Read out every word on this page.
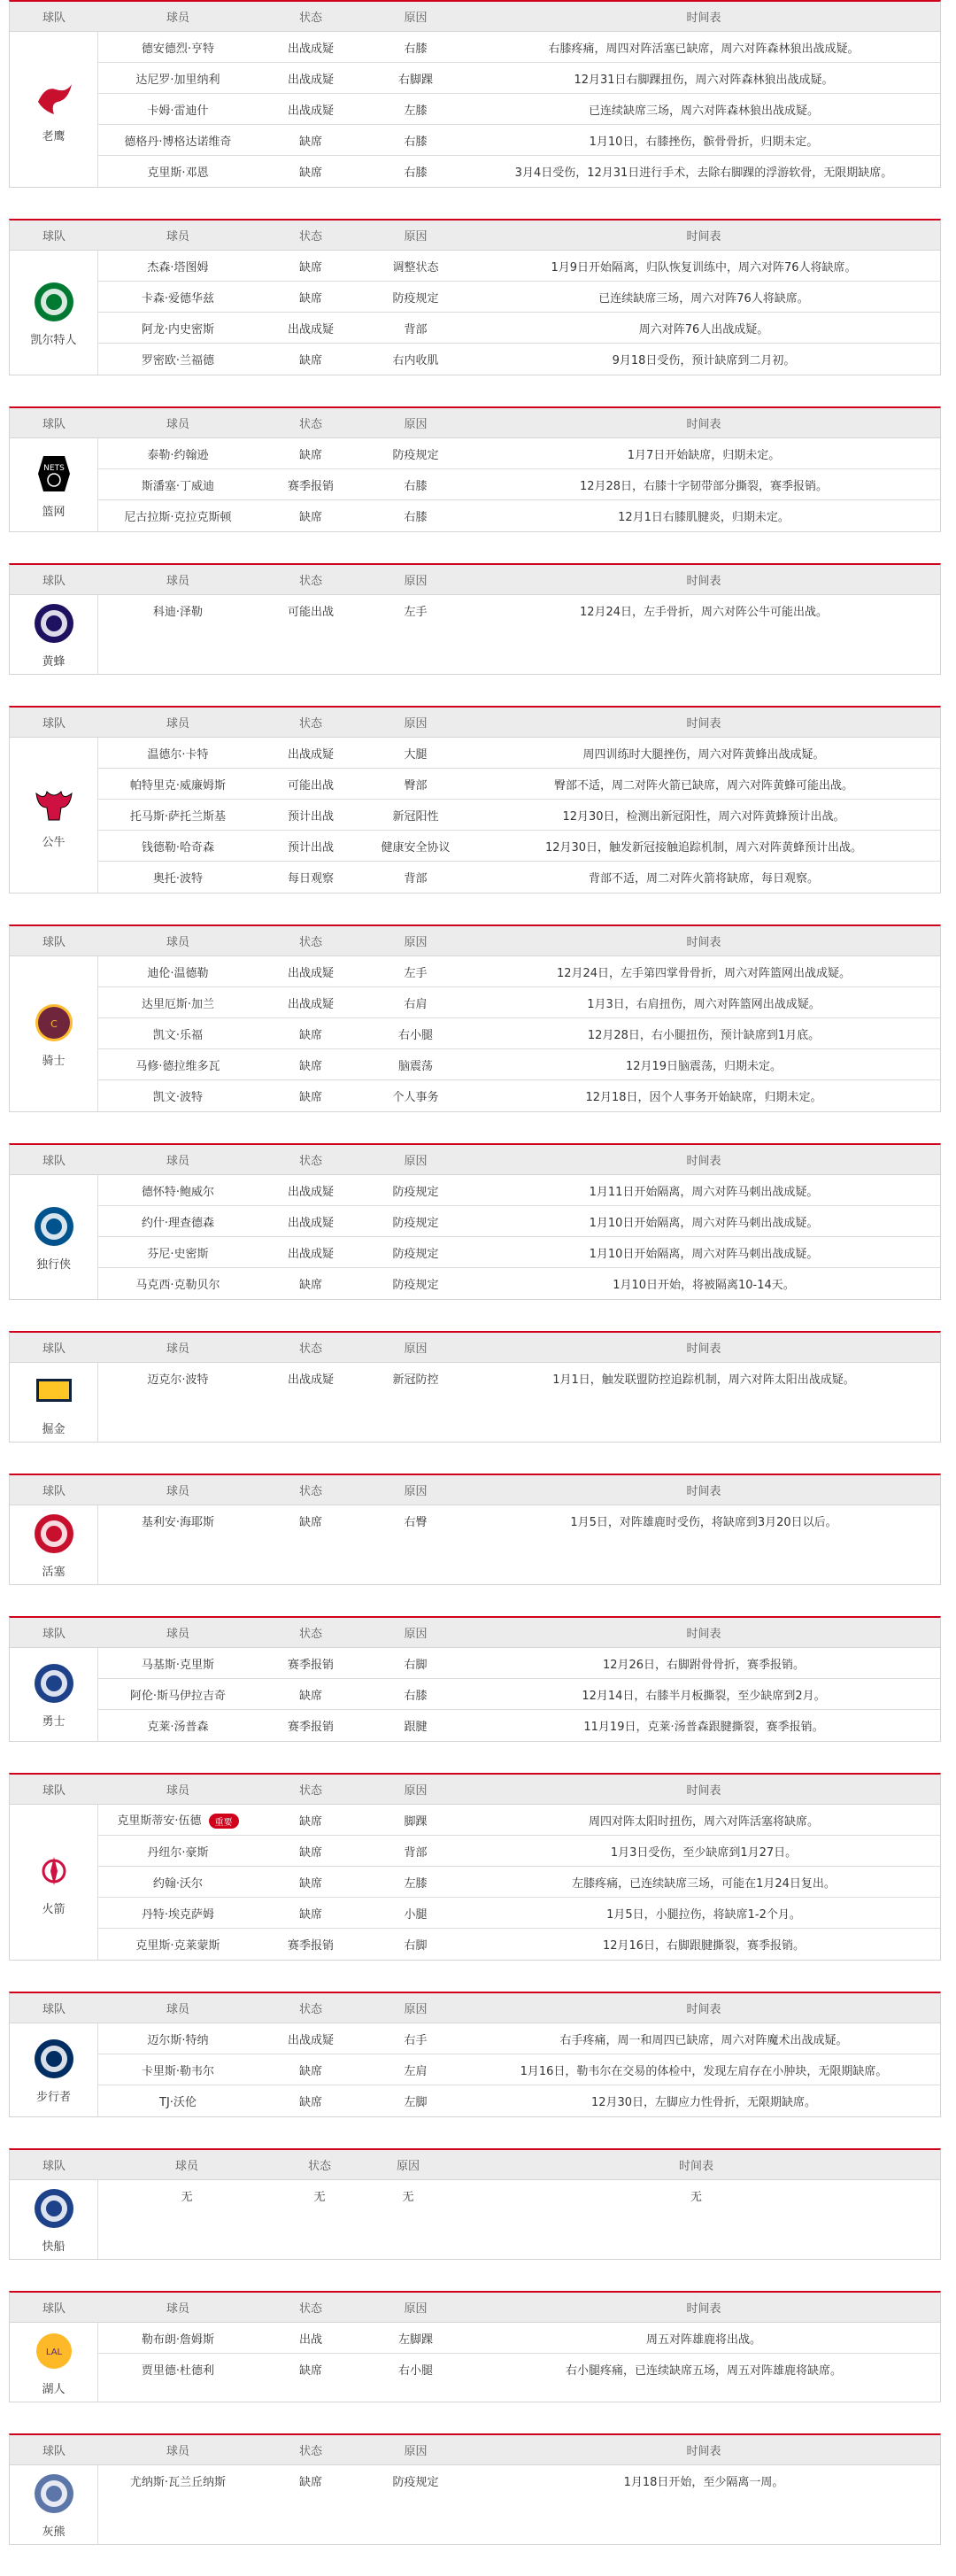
球队	球员	状态	原因	时间表
老鹰
德安德烈·亨特	出战成疑	右膝	右膝疼痛，周四对阵活塞已缺席，周六对阵森林狼出战成疑。
达尼罗·加里纳利	出战成疑	右脚踝	12月31日右脚踝扭伤，周六对阵森林狼出战成疑。
卡姆·雷迪什	出战成疑	左膝	已连续缺席三场，周六对阵森林狼出战成疑。
德格丹·博格达诺维奇	缺席	右膝	1月10日，右膝挫伤，髌骨骨折，归期未定。
克里斯·邓恩	缺席	右膝	3月4日受伤，12月31日进行手术，去除右脚踝的浮游软骨，无限期缺席。
球队	球员	状态	原因	时间表
凯尔特人
杰森·塔图姆	缺席	调整状态	1月9日开始隔离，归队恢复训练中，周六对阵76人将缺席。
卡森·爱德华兹	缺席	防疫规定	已连续缺席三场，周六对阵76人将缺席。
阿龙·内史密斯	出战成疑	背部	周六对阵76人出战成疑。
罗密欧·兰福德	缺席	右内收肌	9月18日受伤，预计缺席到二月初。
球队	球员	状态	原因	时间表
NETS
篮网
泰勒·约翰逊	缺席	防疫规定	1月7日开始缺席，归期未定。
斯潘塞·丁威迪	赛季报销	右膝	12月28日，右膝十字韧带部分撕裂，赛季报销。
尼古拉斯·克拉克斯顿	缺席	右膝	12月1日右膝肌腱炎，归期未定。
球队	球员	状态	原因	时间表
黄蜂
科迪·泽勒	可能出战	左手	12月24日，左手骨折，周六对阵公牛可能出战。
球队	球员	状态	原因	时间表
公牛
温德尔·卡特	出战成疑	大腿	周四训练时大腿挫伤，周六对阵黄蜂出战成疑。
帕特里克·威廉姆斯	可能出战	臀部	臀部不适，周二对阵火箭已缺席，周六对阵黄蜂可能出战。
托马斯·萨托兰斯基	预计出战	新冠阳性	12月30日，检测出新冠阳性，周六对阵黄蜂预计出战。
钱德勒·哈奇森	预计出战	健康安全协议	12月30日，触发新冠接触追踪机制，周六对阵黄蜂预计出战。
奥托·波特	每日观察	背部	背部不适，周二对阵火箭将缺席，每日观察。
球队	球员	状态	原因	时间表
C
骑士
迪伦·温德勒	出战成疑	左手	12月24日，左手第四掌骨骨折，周六对阵篮网出战成疑。
达里厄斯·加兰	出战成疑	右肩	1月3日，右肩扭伤，周六对阵篮网出战成疑。
凯文·乐福	缺席	右小腿	12月28日，右小腿扭伤，预计缺席到1月底。
马修·德拉维多瓦	缺席	脑震荡	12月19日脑震荡，归期未定。
凯文·波特	缺席	个人事务	12月18日，因个人事务开始缺席，归期未定。
球队	球员	状态	原因	时间表
独行侠
德怀特·鲍威尔	出战成疑	防疫规定	1月11日开始隔离，周六对阵马刺出战成疑。
约什·理查德森	出战成疑	防疫规定	1月10日开始隔离，周六对阵马刺出战成疑。
芬尼·史密斯	出战成疑	防疫规定	1月10日开始隔离，周六对阵马刺出战成疑。
马克西·克勒贝尔	缺席	防疫规定	1月10日开始，将被隔离10-14天。
球队	球员	状态	原因	时间表
掘金
迈克尔·波特	出战成疑	新冠防控	1月1日，触发联盟防控追踪机制，周六对阵太阳出战成疑。
球队	球员	状态	原因	时间表
活塞
基利安·海耶斯	缺席	右臀	1月5日，对阵雄鹿时受伤，将缺席到3月20日以后。
球队	球员	状态	原因	时间表
勇士
马基斯·克里斯	赛季报销	右脚	12月26日，右脚跗骨骨折，赛季报销。
阿伦·斯马伊拉吉奇	缺席	右膝	12月14日，右膝半月板撕裂，至少缺席到2月。
克莱·汤普森	赛季报销	跟腱	11月19日，克莱·汤普森跟腱撕裂，赛季报销。
球队	球员	状态	原因	时间表
火箭
克里斯蒂安·伍德 重要	缺席	脚踝	周四对阵太阳时扭伤，周六对阵活塞将缺席。
丹纽尔·豪斯	缺席	背部	1月3日受伤，至少缺席到1月27日。
约翰·沃尔	缺席	左膝	左膝疼痛，已连续缺席三场，可能在1月24日复出。
丹特·埃克萨姆	缺席	小腿	1月5日，小腿拉伤，将缺席1-2个月。
克里斯·克莱蒙斯	赛季报销	右脚	12月16日，右脚跟腱撕裂，赛季报销。
球队	球员	状态	原因	时间表
步行者
迈尔斯·特纳	出战成疑	右手	右手疼痛，周一和周四已缺席，周六对阵魔术出战成疑。
卡里斯·勒韦尔	缺席	左肩	1月16日，勒韦尔在交易的体检中，发现左肩存在小肿块，无限期缺席。
TJ·沃伦	缺席	左脚	12月30日，左脚应力性骨折，无限期缺席。
球队	球员	状态	原因	时间表
快船
无	无	无	无
球队	球员	状态	原因	时间表
LAL
湖人
勒布朗·詹姆斯	出战	左脚踝	周五对阵雄鹿将出战。
贾里德·杜德利	缺席	右小腿	右小腿疼痛，已连续缺席五场，周五对阵雄鹿将缺席。
球队	球员	状态	原因	时间表
灰熊
尤纳斯·瓦兰丘纳斯	缺席	防疫规定	1月18日开始，至少隔离一周。
